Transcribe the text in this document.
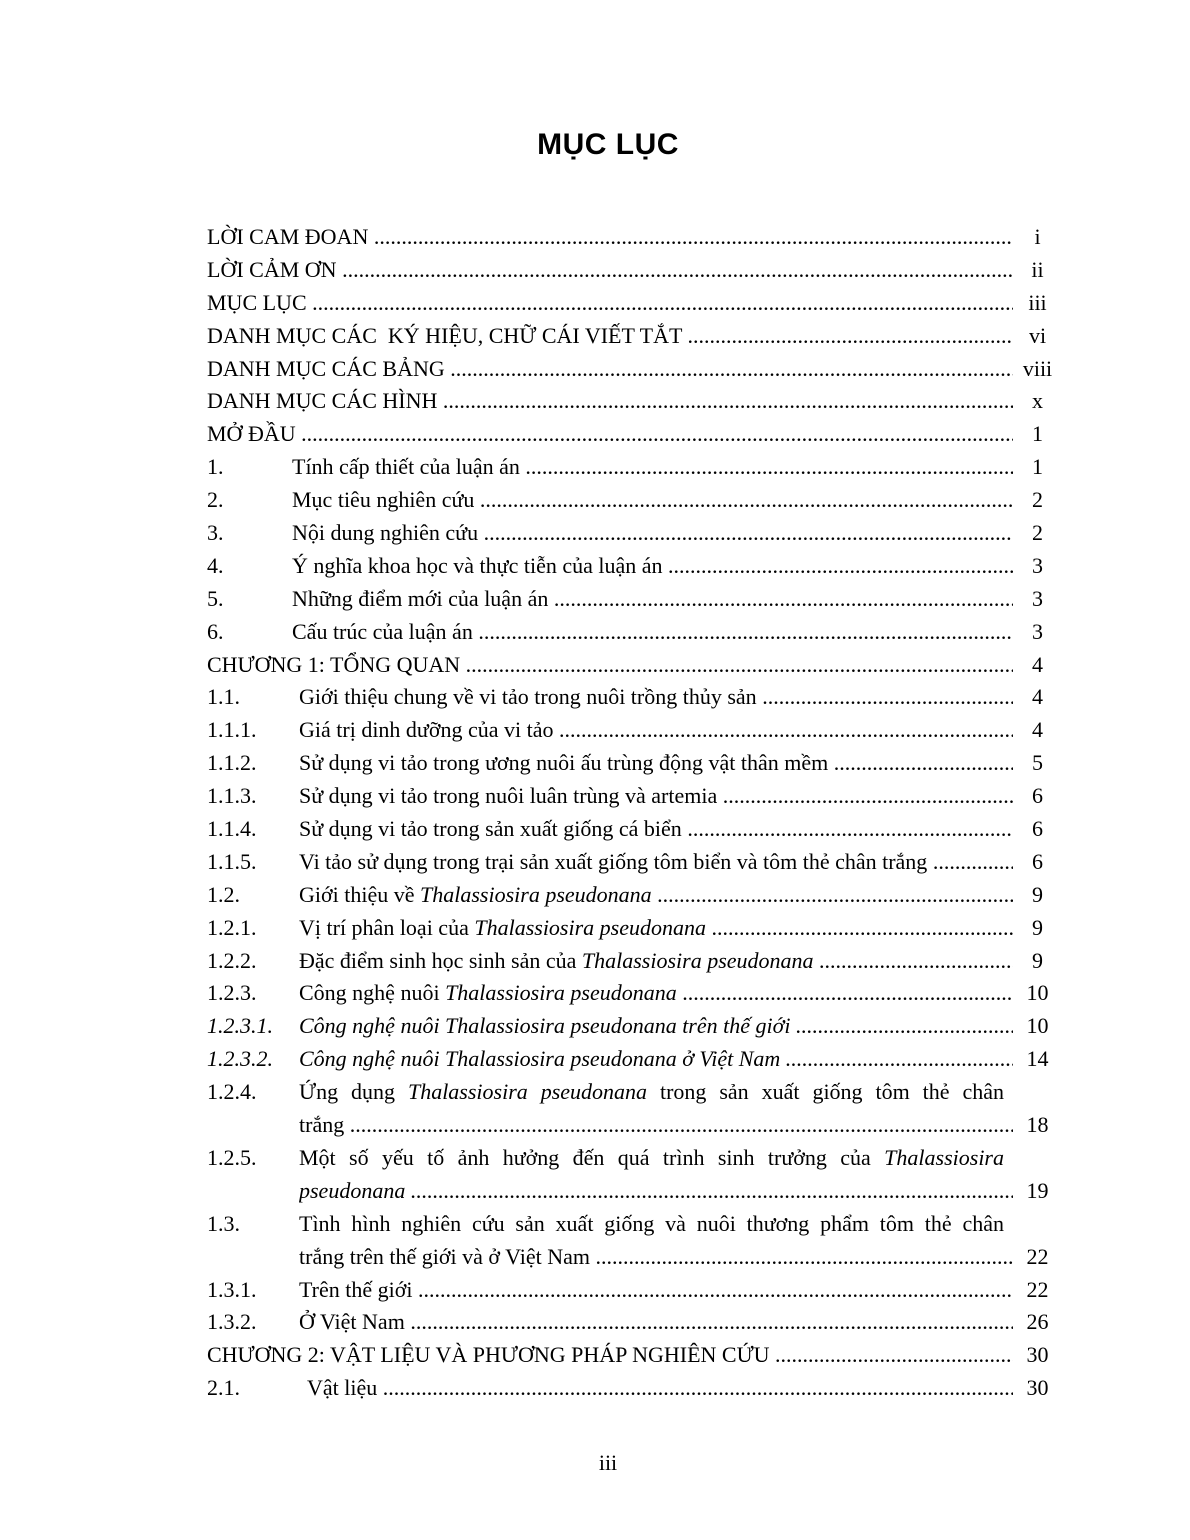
MỤC LỤC
LỜI CAM ĐOAN .....	i
LỜI CẢM ƠN .....	ii
MỤC LỤC .....	iii
DANH MỤC CÁC  KÝ HIỆU, CHỮ CÁI VIẾT TẮT .....	vi
DANH MỤC CÁC BẢNG .....	viii
DANH MỤC CÁC HÌNH .....	x
MỞ ĐẦU .....	1
1.	Tính cấp thiết của luận án .....	1
2.	Mục tiêu nghiên cứu .....	2
3.	Nội dung nghiên cứu .....	2
4.	Ý nghĩa khoa học và thực tiễn của luận án .....	3
5.	Những điểm mới của luận án .....	3
6.	Cấu trúc của luận án .....	3
CHƯƠNG 1: TỔNG QUAN .....	4
1.1.	Giới thiệu chung về vi tảo trong nuôi trồng thủy sản .....	4
1.1.1. Giá trị dinh dưỡng của vi tảo .....	4
1.1.2. Sử dụng vi tảo trong ương nuôi ấu trùng động vật thân mềm .....	5
1.1.3. Sử dụng vi tảo trong nuôi luân trùng và artemia .....	6
1.1.4. Sử dụng vi tảo trong sản xuất giống cá biển .....	6
1.1.5. Vi tảo sử dụng trong trại sản xuất giống tôm biển và tôm thẻ chân trắng .....	6
1.2.	Giới thiệu về Thalassiosira pseudonana .....	9
1.2.1. Vị trí phân loại của Thalassiosira pseudonana .....	9
1.2.2. Đặc điểm sinh học sinh sản của Thalassiosira pseudonana .....	9
1.2.3. Công nghệ nuôi Thalassiosira pseudonana .....	10
1.2.3.1. Công nghệ nuôi Thalassiosira pseudonana trên thế giới .....	10
1.2.3.2. Công nghệ nuôi Thalassiosira pseudonana ở Việt Nam .....	14
1.2.4. Ứng dụng Thalassiosira pseudonana trong sản xuất giống tôm thẻ chân
trắng .....	18
1.2.5. Một số yếu tố ảnh hưởng đến quá trình sinh trưởng của Thalassiosira
pseudonana .....	19
1.3.	Tình hình nghiên cứu sản xuất giống và nuôi thương phẩm tôm thẻ chân
trắng trên thế giới và ở Việt Nam .....	22
1.3.1. Trên thế giới .....	22
1.3.2. Ở Việt Nam .....	26
CHƯƠNG 2: VẬT LIỆU VÀ PHƯƠNG PHÁP NGHIÊN CỨU .....	30
2.1.	Vật liệu .....	30
iii
